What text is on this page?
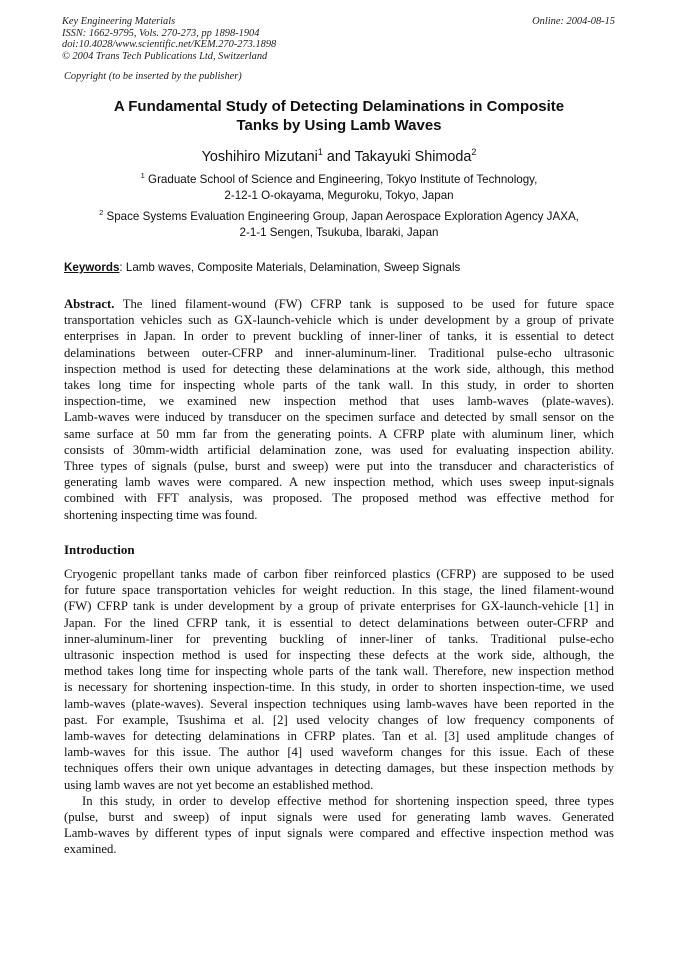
Key Engineering Materials
ISSN: 1662-9795, Vols. 270-273, pp 1898-1904
doi:10.4028/www.scientific.net/KEM.270-273.1898
© 2004 Trans Tech Publications Ltd, Switzerland
Online: 2004-08-15
Copyright (to be inserted by the publisher)
A Fundamental Study of Detecting Delaminations in Composite
Tanks by Using Lamb Waves
Yoshihiro Mizutani$^1$ and Takayuki Shimoda$^2$
$^1$ Graduate School of Science and Engineering, Tokyo Institute of Technology,
2-12-1 O-okayama, Meguroku, Tokyo, Japan
$^2$ Space Systems Evaluation Engineering Group, Japan Aerospace Exploration Agency JAXA,
2-1-1 Sengen, Tsukuba, Ibaraki, Japan
Keywords: Lamb waves, Composite Materials, Delamination, Sweep Signals
Abstract. The lined filament-wound (FW) CFRP tank is supposed to be used for future space
transportation vehicles such as GX-launch-vehicle which is under development by a group of private
enterprises in Japan. In order to prevent buckling of inner-liner of tanks, it is essential to detect
delaminations between outer-CFRP and inner-aluminum-liner. Traditional pulse-echo ultrasonic
inspection method is used for detecting these delaminations at the work side, although, this method
takes long time for inspecting whole parts of the tank wall. In this study, in order to shorten
inspection-time, we examined new inspection method that uses lamb-waves (plate-waves).
Lamb-waves were induced by transducer on the specimen surface and detected by small sensor on the
same surface at 50 mm far from the generating points. A CFRP plate with aluminum liner, which
consists of 30mm-width artificial delamination zone, was used for evaluating inspection ability.
Three types of signals (pulse, burst and sweep) were put into the transducer and characteristics of
generating lamb waves were compared. A new inspection method, which uses sweep input-signals
combined with FFT analysis, was proposed. The proposed method was effective method for
shortening inspecting time was found.
Introduction
Cryogenic propellant tanks made of carbon fiber reinforced plastics (CFRP) are supposed to be used
for future space transportation vehicles for weight reduction. In this stage, the lined filament-wound
(FW) CFRP tank is under development by a group of private enterprises for GX-launch-vehicle [1] in
Japan. For the lined CFRP tank, it is essential to detect delaminations between outer-CFRP and
inner-aluminum-liner for preventing buckling of inner-liner of tanks. Traditional pulse-echo
ultrasonic inspection method is used for inspecting these defects at the work side, although, the
method takes long time for inspecting whole parts of the tank wall. Therefore, new inspection method
is necessary for shortening inspection-time. In this study, in order to shorten inspection-time, we used
lamb-waves (plate-waves). Several inspection techniques using lamb-waves have been reported in the
past. For example, Tsushima et al. [2] used velocity changes of low frequency components of
lamb-waves for detecting delaminations in CFRP plates. Tan et al. [3] used amplitude changes of
lamb-waves for this issue. The author [4] used waveform changes for this issue. Each of these
techniques offers their own unique advantages in detecting damages, but these inspection methods by
using lamb waves are not yet become an established method.
In this study, in order to develop effective method for shortening inspection speed, three types
(pulse, burst and sweep) of input signals were used for generating lamb waves. Generated
Lamb-waves by different types of input signals were compared and effective inspection method was
examined.
